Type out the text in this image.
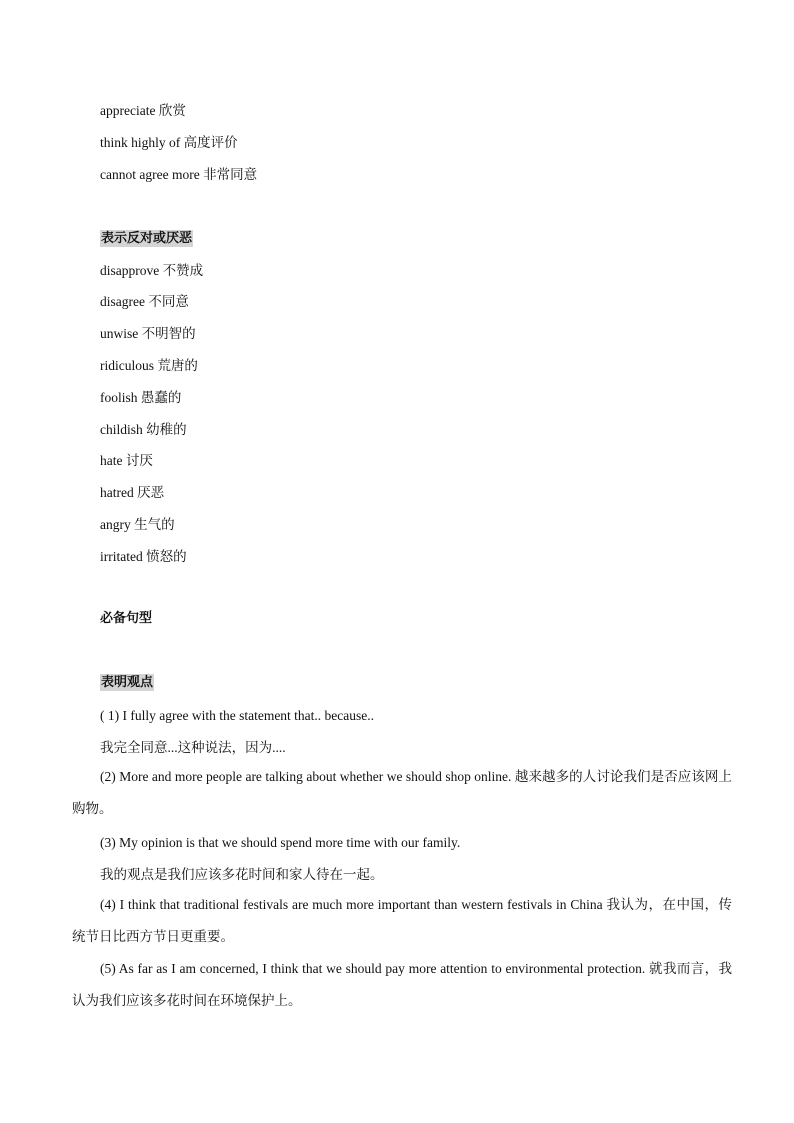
appreciate 欣赏
think highly of 高度评价
cannot agree more 非常同意
表示反对或厌恶
disapprove 不赞成
disagree 不同意
unwise 不明智的
ridiculous 荒唐的
foolish 愚蠢的
childish 幼稚的
hate 讨厌
hatred 厌恶
angry 生气的
irritated 愤怒的
必备句型
表明观点
( 1) I fully agree with the statement that.. because..
我完全同意...这种说法，因为....
(2) More and more people are talking about whether we should shop online. 越来越多的人讨论我们是否应该网上购物。
(3) My opinion is that we should spend more time with our family.
我的观点是我们应该多花时间和家人待在一起。
(4) I think that traditional festivals are much more important than western festivals in China 我认为，在中国，传统节日比西方节日更重要。
(5) As far as I am concerned, I think that we should pay more attention to environmental protection. 就我而言，我认为我们应该多花时间在环境保护上。
